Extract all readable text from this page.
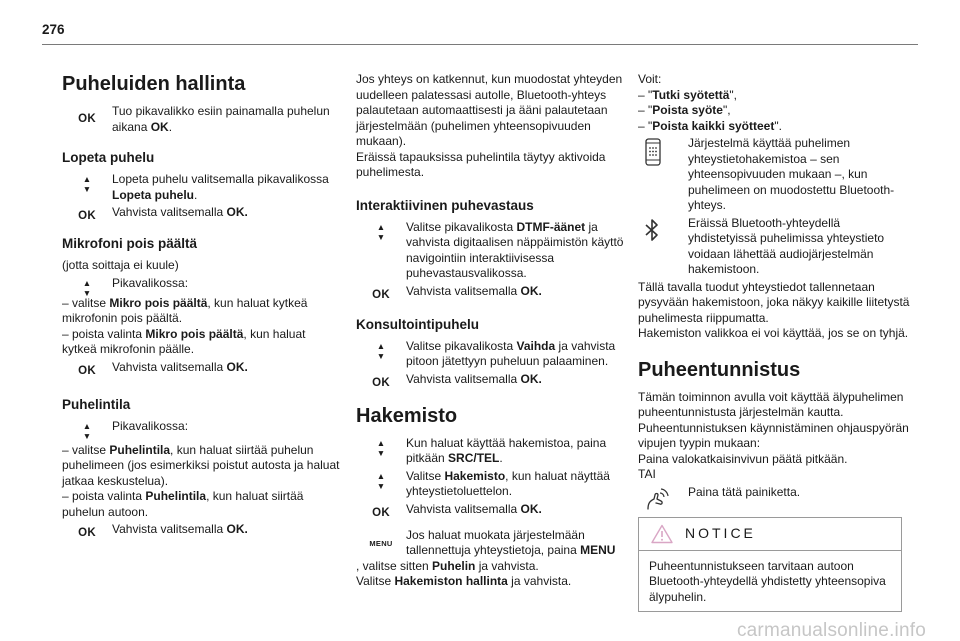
276
Puheluiden hallinta
OK
Tuo pikavalikko esiin painamalla puhelun aikana OK.
Lopeta puhelu
▲
▼
Lopeta puhelu valitsemalla pikavalikossa Lopeta puhelu.
OK	Vahvista valitsemalla OK.
Mikrofoni pois päältä

(jotta soittaja ei kuule)

▲
▼
Pikavalikossa:

– valitse Mikro pois päältä, kun haluat kytkeä mikrofonin pois päältä.

– poista valinta Mikro pois päältä, kun haluat kytkeä mikrofonin päälle.

OK	Vahvista valitsemalla OK.
Puhelintila
▲
▼
Pikavalikossa:

– valitse Puhelintila, kun haluat siirtää puhelun puhelimeen (jos esimerkiksi poistut autosta ja haluat jatkaa keskustelua).

– poista valinta Puhelintila, kun haluat siirtää puhelun autoon.

OK	Vahvista valitsemalla OK.

Jos yhteys on katkennut, kun muodostat yhteyden uudelleen palatessasi autolle, Bluetooth-yhteys palautetaan automaattisesti ja ääni palautetaan järjestelmään (puhelimen yhteensopivuuden mukaan).

Eräissä tapauksissa puhelintila täytyy aktivoida puhelimesta.

Interaktiivinen puhevastaus
▲
▼
Valitse pikavalikosta DTMF-äänet ja vahvista digitaalisen näppäimistön käyttö navigointiin interaktiivisessa puhevastausvalikossa.
OK	Vahvista valitsemalla OK.
Konsultointipuhelu
▲
▼
Valitse pikavalikosta Vaihda ja vahvista pitoon jätettyyn puheluun palaaminen.
OK	Vahvista valitsemalla OK.
Hakemisto
▲
▼
Kun haluat käyttää hakemistoa, paina pitkään SRC/TEL.
▲
▼
Valitse Hakemisto, kun haluat näyttää yhteystietoluettelon.
OK	Vahvista valitsemalla OK.
MENU
Jos haluat muokata järjestelmään tallennettuja yhteystietoja, paina MENU

, valitse sitten Puhelin ja vahvista.

Valitse Hakemiston hallinta ja vahvista.

Voit:

– "Tutki syötettä",

– "Poista syöte",

– "Poista kaikki syötteet".

Järjestelmä käyttää puhelimen yhteystietohakemistoa – sen yhteensopivuuden mukaan –, kun puhelimeen on muodostettu Bluetooth-yhteys.
Eräissä Bluetooth-yhteydellä yhdistetyissä puhelimissa yhteystieto voidaan lähettää audiojärjestelmän hakemistoon.

Tällä tavalla tuodut yhteystiedot tallennetaan pysyvään hakemistoon, joka näkyy kaikille liitetystä puhelimesta riippumatta.

Hakemiston valikkoa ei voi käyttää, jos se on tyhjä.

Puheentunnistus

Tämän toiminnon avulla voit käyttää älypuhelimen puheentunnistusta järjestelmän kautta.

Puheentunnistuksen käynnistäminen ohjauspyörän vipujen tyypin mukaan:

Paina valokatkaisinvivun päätä pitkään.

TAI

Paina tätä painiketta.
NOTICE
Puheentunnistukseen tarvitaan autoon Bluetooth-yhteydellä yhdistetty yhteensopiva älypuhelin.
carmanualsonline.info
